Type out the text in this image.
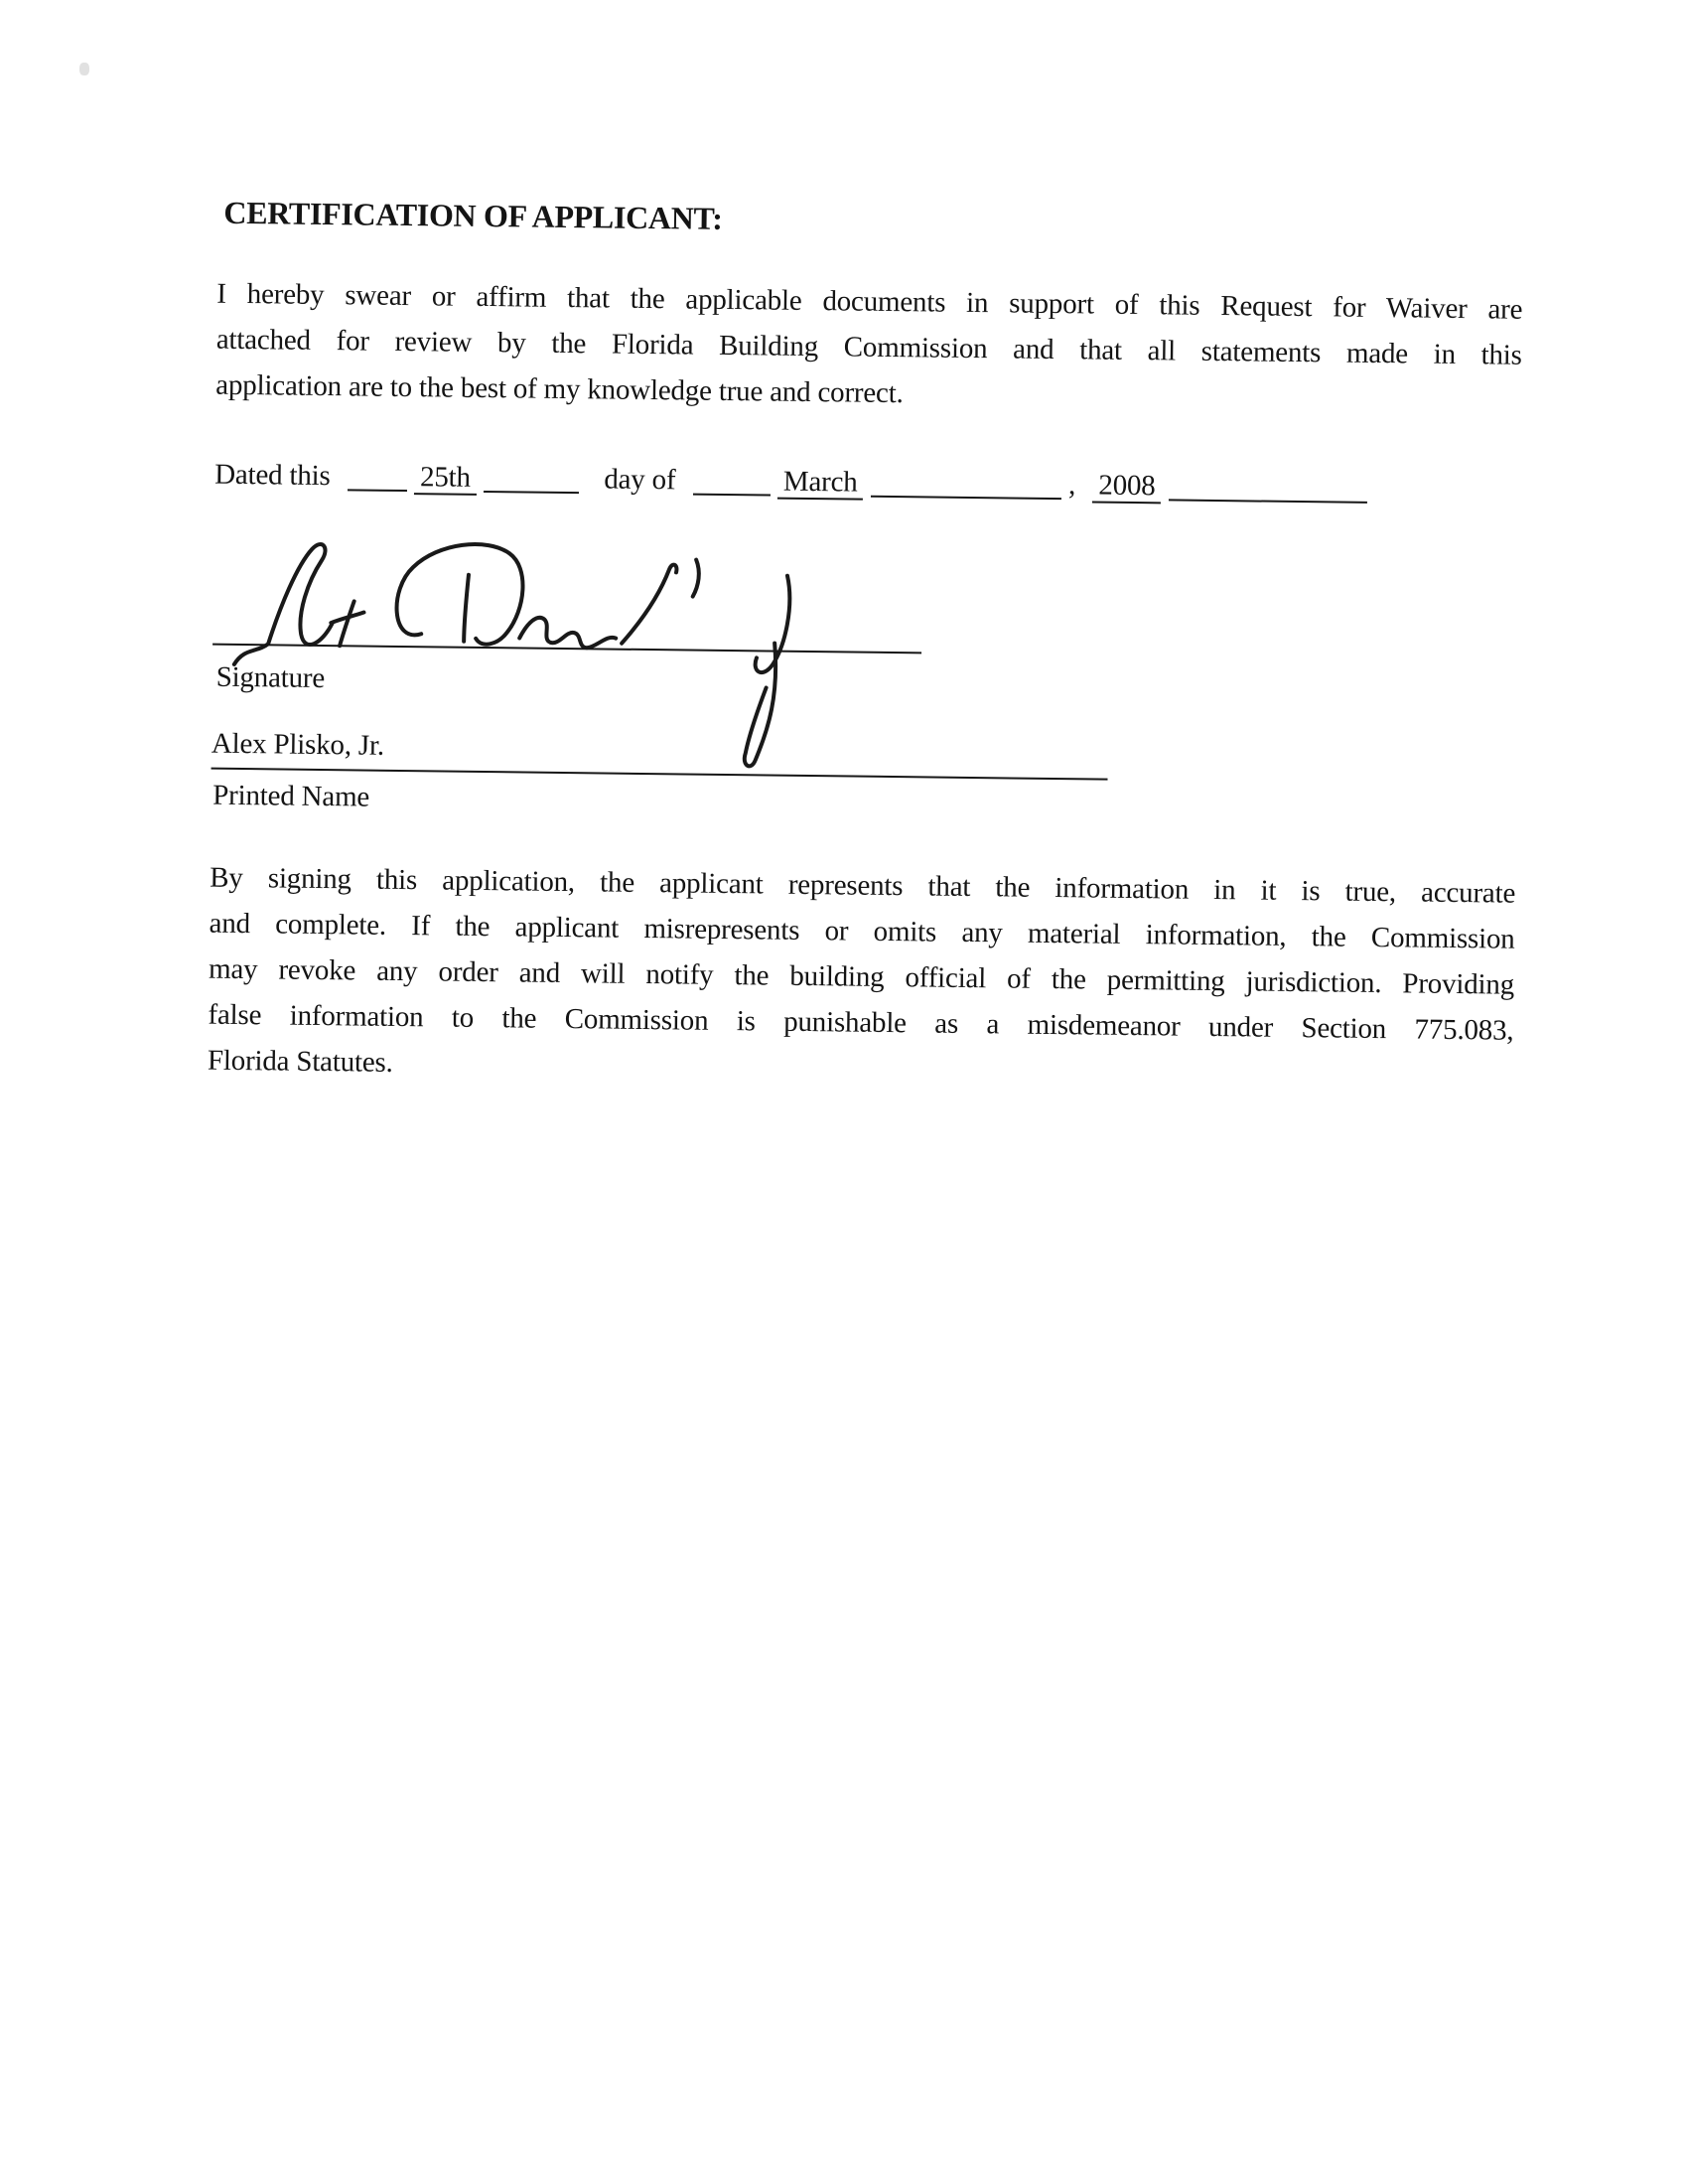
CERTIFICATION OF APPLICANT:
I hereby swear or affirm that the applicable documents in support of this Request for Waiver are
attached for review by the Florida Building Commission and that all statements made in this
application are to the best of my knowledge true and correct.
Dated this	25th	day of	March	, 2008
Signature
Alex Plisko, Jr.
Printed Name
By signing this application, the applicant represents that the information in it is true, accurate
and complete. If the applicant misrepresents or omits any material information, the Commission
may revoke any order and will notify the building official of the permitting jurisdiction. Providing
false information to the Commission is punishable as a misdemeanor under Section 775.083,
Florida Statutes.
